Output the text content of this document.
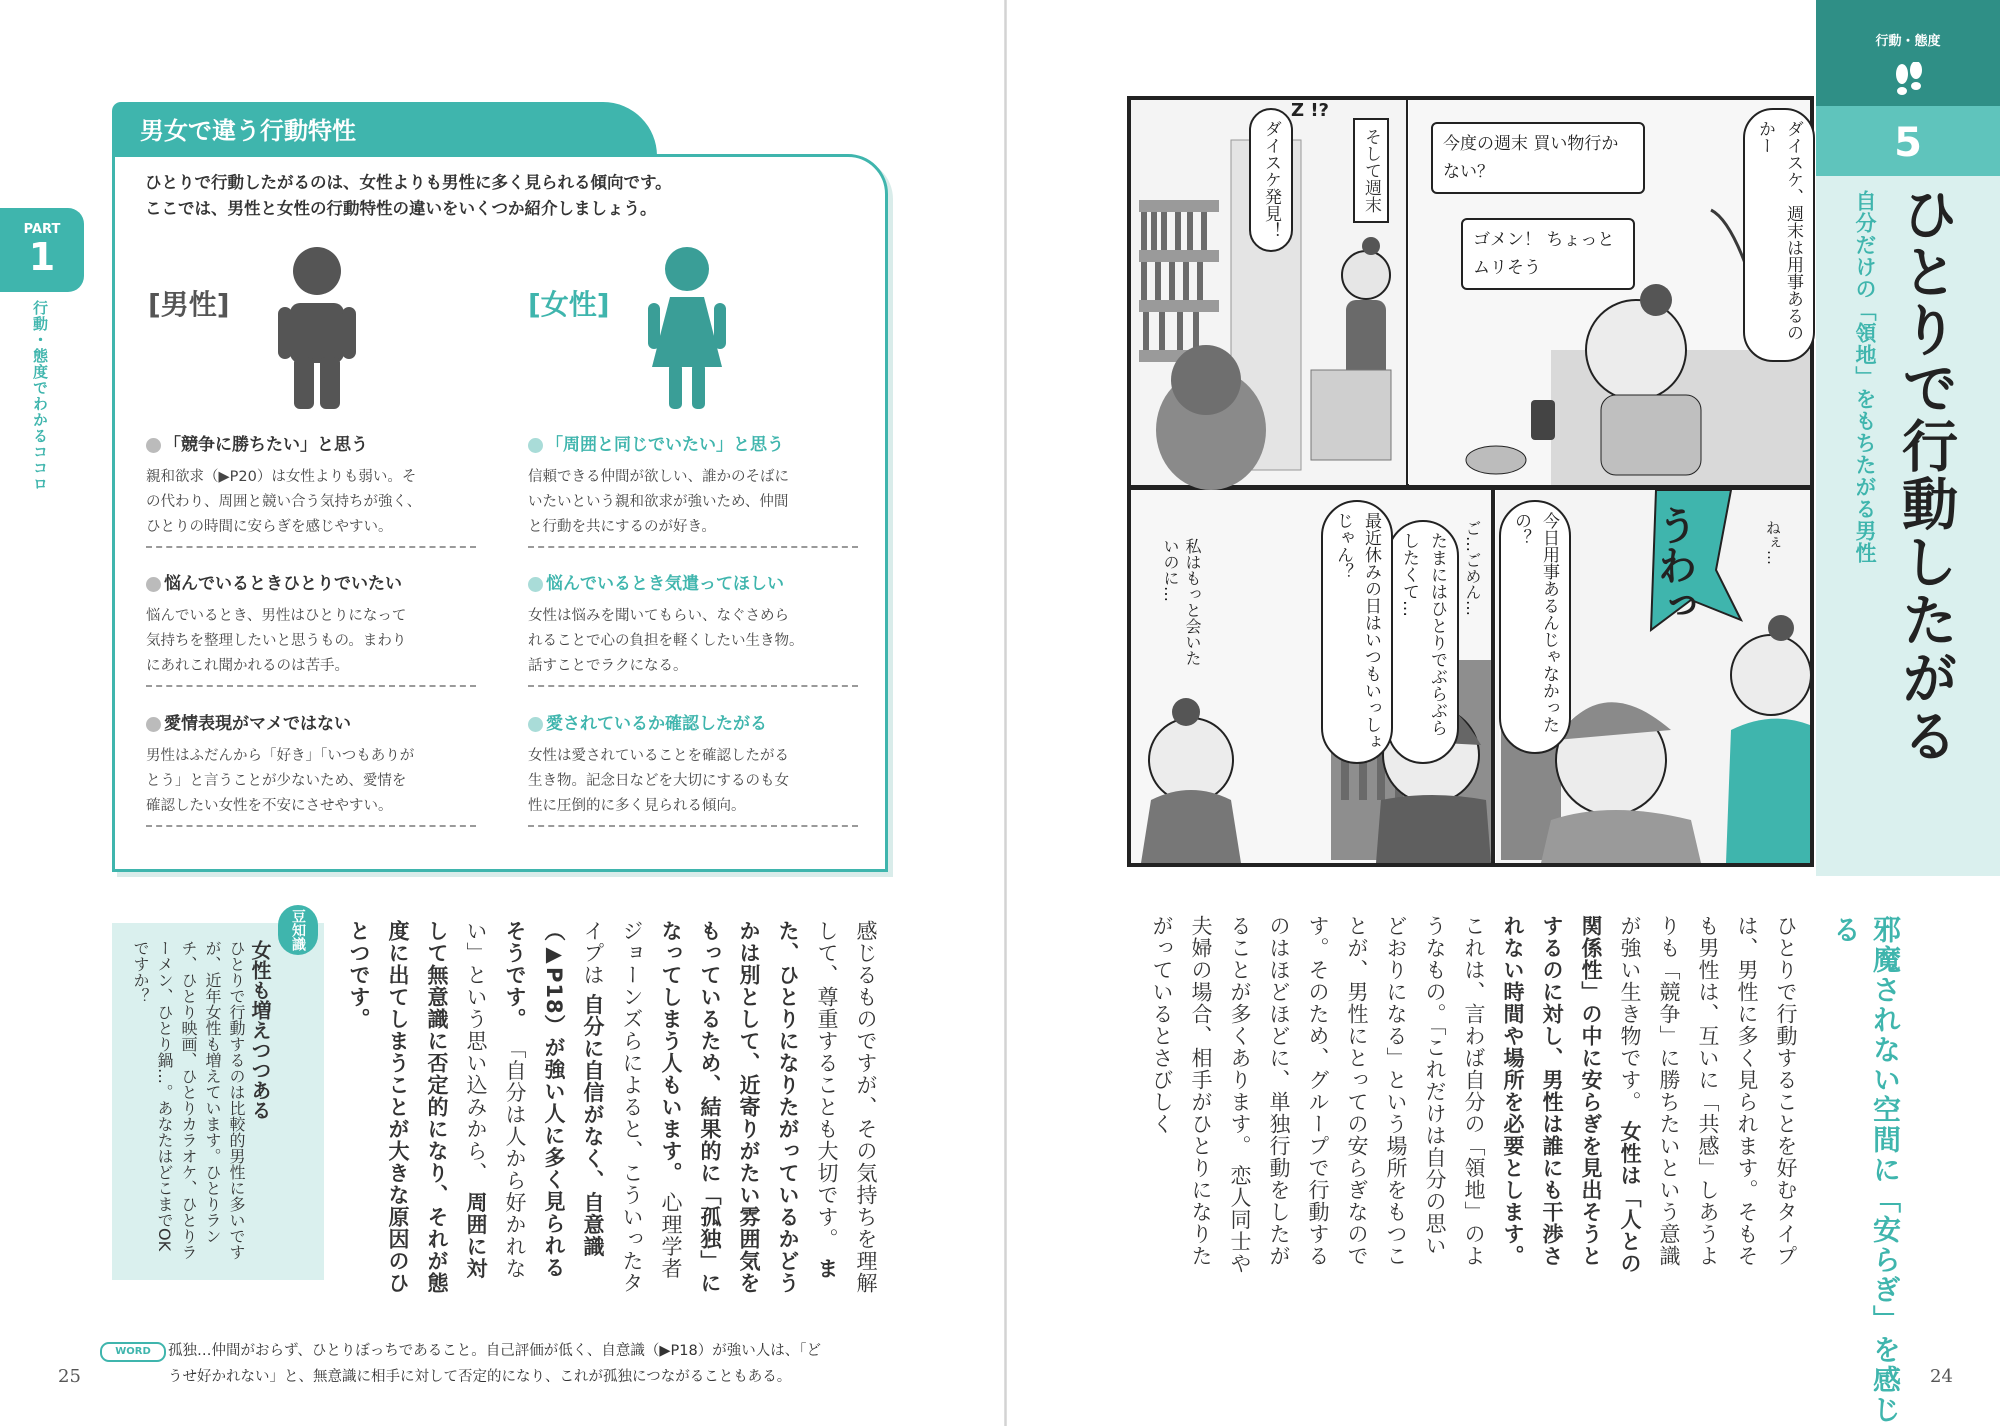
PART
1
行動・態度でわかるココロ
男女で違う行動特性
ひとりで行動したがるのは、女性よりも男性に多く見られる傾向です。
ここでは、男性と女性の行動特性の違いをいくつか紹介しましょう。
[男性]	[女性]
「競争に勝ちたい」と思う
親和欲求（▶P20）は女性よりも弱い。そ
の代わり、周囲と競い合う気持ちが強く、
ひとりの時間に安らぎを感じやすい。
悩んでいるときひとりでいたい
悩んでいるとき、男性はひとりになって
気持ちを整理したいと思うもの。まわり
にあれこれ聞かれるのは苦手。
愛情表現がマメではない
男性はふだんから「好き」「いつもありが
とう」と言うことが少ないため、愛情を
確認したい女性を不安にさせやすい。
「周囲と同じでいたい」と思う
信頼できる仲間が欲しい、誰かのそばに
いたいという親和欲求が強いため、仲間
と行動を共にするのが好き。
悩んでいるとき気遣ってほしい
女性は悩みを聞いてもらい、なぐさめら
れることで心の負担を軽くしたい生き物。
話すことでラクになる。
愛されているか確認したがる
女性は愛されていることを確認したがる
生き物。記念日などを大切にするのも女
性に圧倒的に多く見られる傾向。
感じるものですが、その気持ちを理解して、尊重することも大切です。 また、ひとりになりたがっているかどうかは別として、近寄りがたい雰囲気をもっているため、結果的に「孤独」になってしまう人もいます。 心理学者ジョーンズらによると、こういったタイプは 自分に自信がなく、自意識（▶P18）が強い人に多く見られるそうです。 「自分は人から好かれない」という思い込みから、 周囲に対して無意識に否定的になり、それが態度に出てしまうことが大きな原因のひとつです。
豆知識
女性も増えつつある
ひとりで行動するのは比較的男性に多いですが、近年女性も増えています。ひとりランチ、ひとり映画、ひとりカラオケ、ひとりラーメン、ひとり鍋…。あなたはどこまでOKですか？
WORD	孤独…仲間がおらず、ひとりぼっちであること。自己評価が低く、自意識（▶P18）が強い人は、「ど
うせ好かれない」と、無意識に相手に対して否定的になり、これが孤独につながることもある。
25
行動・態度
5
ひとりで行動したがる
自分だけの「領地」をもちたがる男性
そして週末
ダイスケ発見！
Z !?
ダイスケ、週末は用事あるのかー
今度の週末 買い物行かない？
ゴメン！ ちょっとムリそう
たまにはひとりでぶらぶらしたくて…
最近休みの日はいつもいっしょじゃん？
私はもっと会いたいのに…	うわっ
今日用事あるんじゃなかったの？
ご…ごめん…	ねぇ…
邪魔されない空間に「安らぎ」を感じる
ひとりで行動することを好むタイプは、男性に多く見られます。そもそも男性は、互いに「共感」しあうよりも「競争」に勝ちたいという意識が強い生き物です。 女性は「人との関係性」の中に安らぎを見出そうとするのに対し、男性は誰にも干渉されない時間や場所を必要とします。 これは、言わば自分の「領地」のようなもの。「これだけは自分の思いどおりになる」という場所をもつことが、男性にとっての安らぎなのです。そのため、グループで行動するのはほどほどに、単独行動をしたがることが多くあります。 恋人同士や夫婦の場合、相手がひとりになりたがっているとさびしく
24
